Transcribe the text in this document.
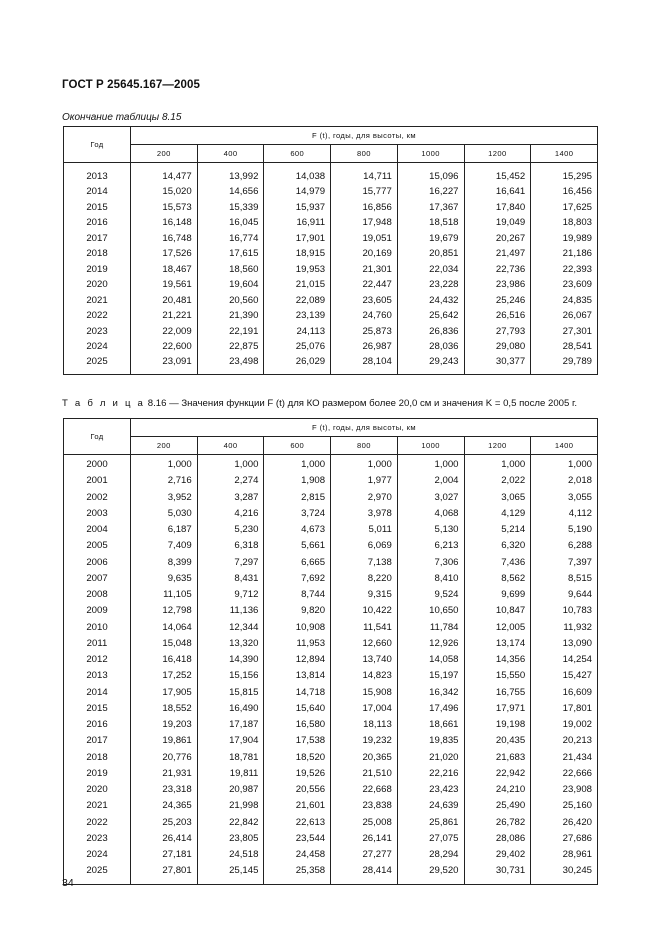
ГОСТ Р 25645.167—2005
Окончание таблицы 8.15
Год	F (t), годы, для высоты, км						
	200	400	600	800	1000	1200	1400
2013	14,477	13,992	14,038	14,711	15,096	15,452	15,295
2014	15,020	14,656	14,979	15,777	16,227	16,641	16,456
2015	15,573	15,339	15,937	16,856	17,367	17,840	17,625
2016	16,148	16,045	16,911	17,948	18,518	19,049	18,803
2017	16,748	16,774	17,901	19,051	19,679	20,267	19,989
2018	17,526	17,615	18,915	20,169	20,851	21,497	21,186
2019	18,467	18,560	19,953	21,301	22,034	22,736	22,393
2020	19,561	19,604	21,015	22,447	23,228	23,986	23,609
2021	20,481	20,560	22,089	23,605	24,432	25,246	24,835
2022	21,221	21,390	23,139	24,760	25,642	26,516	26,067
2023	22,009	22,191	24,113	25,873	26,836	27,793	27,301
2024	22,600	22,875	25,076	26,987	28,036	29,080	28,541
2025	23,091	23,498	26,029	28,104	29,243	30,377	29,789
Т а б л и ц а 8.16 — Значения функции F (t) для КО размером более 20,0 см и значения K = 0,5 после 2005 г.
Год	F (t), годы, для высоты, км						
	200	400	600	800	1000	1200	1400
2000	1,000	1,000	1,000	1,000	1,000	1,000	1,000
2001	2,716	2,274	1,908	1,977	2,004	2,022	2,018
2002	3,952	3,287	2,815	2,970	3,027	3,065	3,055
2003	5,030	4,216	3,724	3,978	4,068	4,129	4,112
2004	6,187	5,230	4,673	5,011	5,130	5,214	5,190
2005	7,409	6,318	5,661	6,069	6,213	6,320	6,288
2006	8,399	7,297	6,665	7,138	7,306	7,436	7,397
2007	9,635	8,431	7,692	8,220	8,410	8,562	8,515
2008	11,105	9,712	8,744	9,315	9,524	9,699	9,644
2009	12,798	11,136	9,820	10,422	10,650	10,847	10,783
2010	14,064	12,344	10,908	11,541	11,784	12,005	11,932
2011	15,048	13,320	11,953	12,660	12,926	13,174	13,090
2012	16,418	14,390	12,894	13,740	14,058	14,356	14,254
2013	17,252	15,156	13,814	14,823	15,197	15,550	15,427
2014	17,905	15,815	14,718	15,908	16,342	16,755	16,609
2015	18,552	16,490	15,640	17,004	17,496	17,971	17,801
2016	19,203	17,187	16,580	18,113	18,661	19,198	19,002
2017	19,861	17,904	17,538	19,232	19,835	20,435	20,213
2018	20,776	18,781	18,520	20,365	21,020	21,683	21,434
2019	21,931	19,811	19,526	21,510	22,216	22,942	22,666
2020	23,318	20,987	20,556	22,668	23,423	24,210	23,908
2021	24,365	21,998	21,601	23,838	24,639	25,490	25,160
2022	25,203	22,842	22,613	25,008	25,861	26,782	26,420
2023	26,414	23,805	23,544	26,141	27,075	28,086	27,686
2024	27,181	24,518	24,458	27,277	28,294	29,402	28,961
2025	27,801	25,145	25,358	28,414	29,520	30,731	30,245
34
